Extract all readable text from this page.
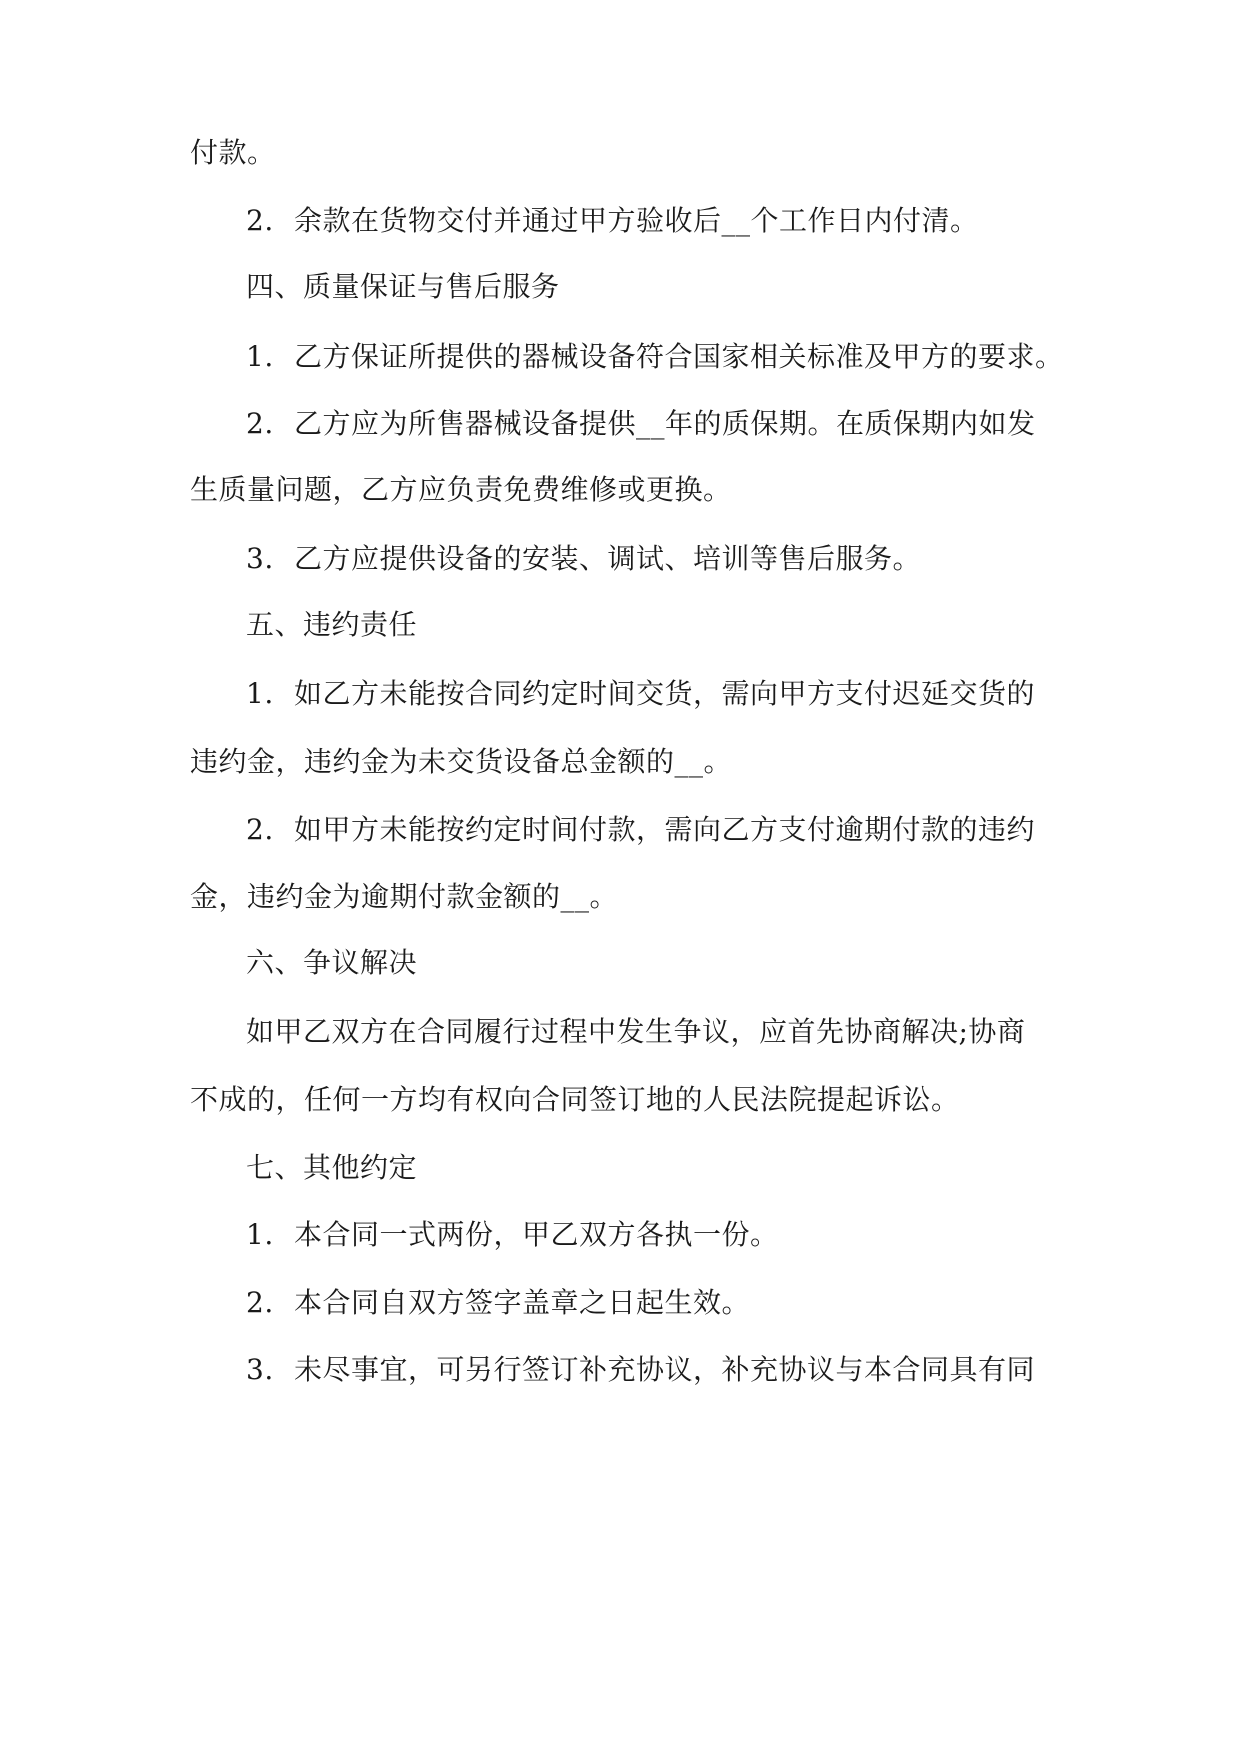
付款。
2. 余款在货物交付并通过甲方验收后__个工作日内付清。
四、质量保证与售后服务
1. 乙方保证所提供的器械设备符合国家相关标准及甲方的要求。
2. 乙方应为所售器械设备提供__年的质保期。在质保期内如发
生质量问题，乙方应负责免费维修或更换。
3. 乙方应提供设备的安装、调试、培训等售后服务。
五、违约责任
1. 如乙方未能按合同约定时间交货，需向甲方支付迟延交货的
违约金，违约金为未交货设备总金额的__。
2. 如甲方未能按约定时间付款，需向乙方支付逾期付款的违约
金，违约金为逾期付款金额的__。
六、争议解决
如甲乙双方在合同履行过程中发生争议，应首先协商解决;协商
不成的，任何一方均有权向合同签订地的人民法院提起诉讼。
七、其他约定
1. 本合同一式两份，甲乙双方各执一份。
2. 本合同自双方签字盖章之日起生效。
3. 未尽事宜，可另行签订补充协议，补充协议与本合同具有同
